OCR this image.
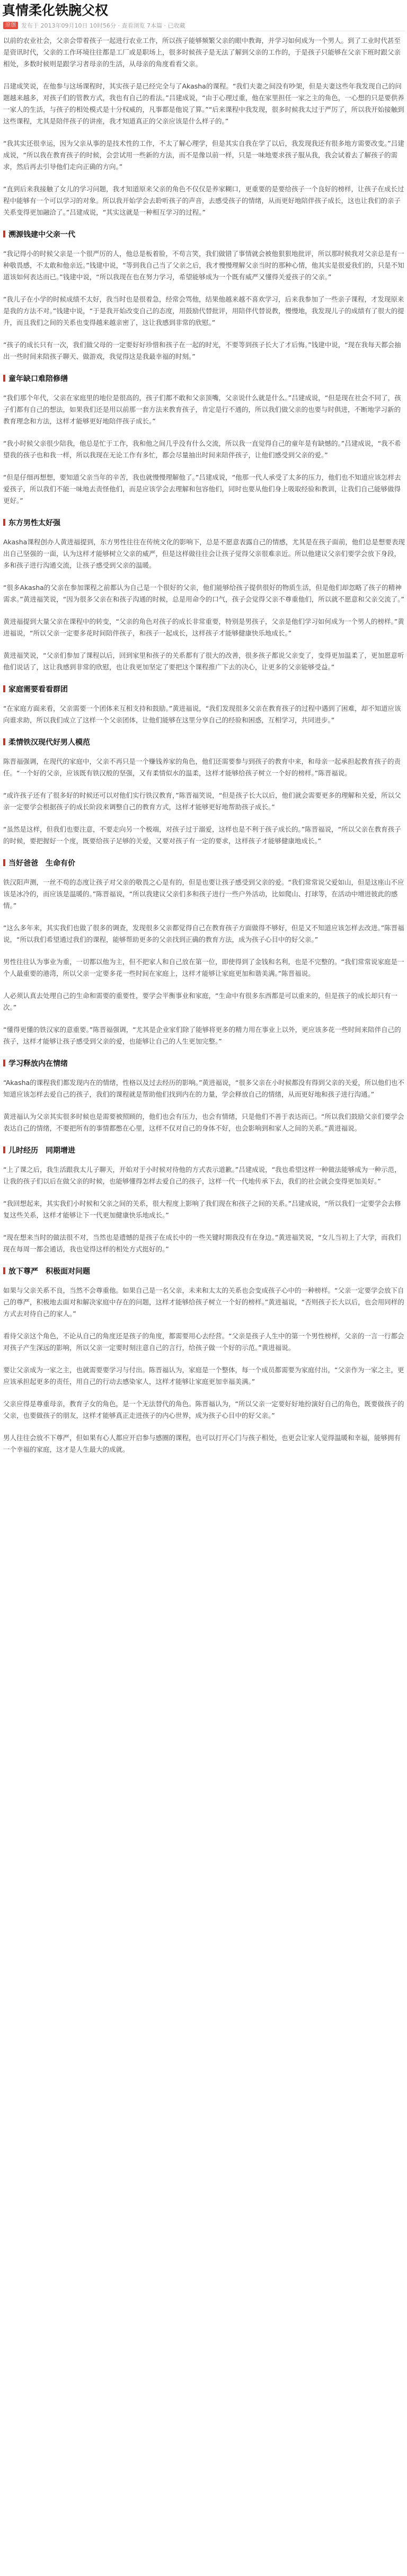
真情柔化铁腕父权
原创 发布于 2013年09月10日 10时56分 · 查看浏览 7本篇 · 已收藏

以前的农业社会，父亲会带着孩子一起进行农业工作，所以孩子能够频繁父亲的眼中教诲，并学习如何成为一个男人。到了工业时代甚至是资讯时代，父亲的工作环境往往都是工厂或是职场上，很多时候孩子是无法了解到父亲的工作的，于是孩子只能够在父亲下班时跟父亲相处，多数时候则是跟学习者母亲的生活，从母亲的角度看看父亲。

吕建成笑说，在他参与这场课程时，其实孩子是已经完全与了Akasha的课程。“我们夫妻之间没有吵架，但是夫妻这些年我发现自己的问题越来越多，对孩子们的管教方式，我也有自己的看法。”吕建成说，“由于心理过重，他在家里担任一家之主的角色，一心想的只是要供养一家人的生活，与孩子的相处模式是十分权威的，凡事都是他说了算。”“后来课程中我发现，很多时候我太过于严厉了，所以我开始接触到这些课程，尤其是陪伴孩子的讲座，我才知道真正的父亲应该是什么样子的。”

“我其实还很幸运，因为父亲从事的是技术性的工作，不太了解心理学，但是其实自我在学了以后，我发现我还有很多地方需要改变。”吕建成说，“所以我在教育孩子的时候，会尝试用一些新的方法，而不是像以前一样，只是一味地要求孩子服从我，我会试着去了解孩子的需求，然后再去引导他们走向正确的方向。”

“直到后来我接触了女儿的学习问题，我才知道原来父亲的角色不仅仅是养家糊口，更重要的是要给孩子一个良好的榜样，让孩子在成长过程中能够有一个可以学习的对象。所以我开始学会去聆听孩子的声音，去感受孩子的情绪，从而更好地陪伴孩子成长，这也让我们的亲子关系变得更加融洽了。”吕建成说，“其实这就是一种相互学习的过程。”

溯源钱建中父亲一代

“我记得小的时候父亲是一个很严厉的人，他总是板着脸，不苟言笑，我们做错了事情就会被他狠狠地批评，所以那时候我对父亲总是有一种敬畏感，不太敢和他亲近。”钱建中说，“等到我自己当了父亲之后，我才慢慢理解父亲当时的那种心情，他其实是很爱我们的，只是不知道该如何表达而已。”钱建中说，“所以我现在也在努力学习，希望能够成为一个既有威严又懂得关爱孩子的父亲。”

“我儿子在小学的时候成绩不太好，我当时也是很着急，经常会骂他，结果他越来越不喜欢学习，后来我参加了一些亲子课程，才发现原来是我的方法不对。”钱建中说，“于是我开始改变自己的态度，用鼓励代替批评，用陪伴代替说教，慢慢地，我发现儿子的成绩有了很大的提升，而且我们之间的关系也变得越来越亲密了，这让我感到非常的欣慰。”

“孩子的成长只有一次，我们做父母的一定要好好珍惜和孩子在一起的时光，不要等到孩子长大了才后悔。”钱建中说，“现在我每天都会抽出一些时间来陪孩子聊天、做游戏，我觉得这是我最幸福的时刻。”

童年缺口难陪修缮

“我们那个年代，父亲在家庭里的地位是很高的，孩子们都不敢和父亲顶嘴，父亲说什么就是什么。”吕建成说，“但是现在社会不同了，孩子们都有自己的想法，如果我们还是用以前那一套方法来教育孩子，肯定是行不通的，所以我们做父亲的也要与时俱进，不断地学习新的教育理念和方法，这样才能够更好地陪伴孩子成长。”

“我小时候父亲很少陪我，他总是忙于工作，我和他之间几乎没有什么交流，所以我一直觉得自己的童年是有缺憾的。”吕建成说，“我不希望我的孩子也和我一样，所以我现在无论工作有多忙，都会尽量抽出时间来陪伴孩子，让他们感受到父亲的爱。”

“但是仔细再想想，要知道父亲当年的辛苦，我也就慢慢理解他了。”吕建成说，“他那一代人承受了太多的压力，他们也不知道应该怎样去爱孩子，所以我们不能一味地去责怪他们，而是应该学会去理解和包容他们，同时也要从他们身上吸取经验和教训，让我们自己能够做得更好。”

东方男性太好强

Akasha课程创办人黄进福提到，东方男性往往在传统文化的影响下，总是不愿意表露自己的情感，尤其是在孩子面前，他们总是想要表现出自己坚强的一面，认为这样才能够树立父亲的威严，但是这样做往往会让孩子觉得父亲很难亲近。所以他建议父亲们要学会放下身段，多和孩子进行沟通交流，让孩子感受到父亲的温暖。

“很多Akasha的父亲在参加课程之前都认为自己是一个很好的父亲，他们能够给孩子提供很好的物质生活，但是他们却忽略了孩子的精神需求。”黄进福笑说，“因为很多父亲在和孩子沟通的时候，总是用命令的口气，孩子会觉得父亲不尊重他们，所以就不愿意和父亲交流了。”

黄进福提到大量父亲在课程中的转变，“父亲的角色对孩子的成长非常重要，特别是男孩子，父亲是他们学习如何成为一个男人的榜样。”黄进福说，“所以父亲一定要多花时间陪伴孩子，和孩子一起成长，这样孩子才能够健康快乐地成长。”

黄进福笑说，“父亲们参加了课程以后，回到家里和孩子的关系都有了很大的改善，很多孩子都说父亲变了，变得更加温柔了，更加愿意听他们说话了，这让我感到非常的欣慰，也让我更加坚定了要把这个课程推广下去的决心，让更多的父亲能够受益。”

家庭需要看看群团

“在家庭方面来看，父亲需要一个团体来互相支持和鼓励。”黄进福说，“我们发现很多父亲在教育孩子的过程中遇到了困难，却不知道应该向谁求助，所以我们成立了这样一个父亲团体，让他们能够在这里分享自己的经验和困惑，互相学习，共同进步。”

柔情铁汉现代好男人模范

陈晋福强调，在现代的家庭中，父亲不再只是一个赚钱养家的角色，他们还需要参与到孩子的教育中来，和母亲一起承担起教育孩子的责任。“一个好的父亲，应该既有铁汉般的坚强，又有柔情似水的温柔，这样才能够给孩子树立一个好的榜样。”陈晋福说。

“或许孩子还有了很多好的时候还可以对他们实行铁汉教育，”陈晋福笑说，“但是孩子长大以后，他们就会需要更多的理解和关爱，所以父亲一定要学会根据孩子的成长阶段来调整自己的教育方式，这样才能够更好地帮助孩子成长。”

“虽然是这样，但我们也要注意，不要走向另一个极端，对孩子过于溺爱，这样也是不利于孩子成长的。”陈晋福说，“所以父亲在教育孩子的时候，要把握好一个度，既要给孩子足够的关爱，又要对孩子有一定的要求，这样孩子才能够健康地成长。”

当好爸爸　生命有价

铁汉阳声测，一丝不苟的态度让孩子对父亲的敬畏之心是有的，但是也要让孩子感受到父亲的爱。“我们常常说父爱如山，但是这座山不应该是冰冷的，而应该是温暖的。”陈晋福说，“所以我建议父亲们多和孩子进行一些户外活动，比如爬山、打球等，在活动中增进彼此的感情。”

“这么多年来，其实我们也做了很多的调查，发现很多父亲都觉得自己在教育孩子方面做得不够好，但是又不知道应该怎样去改进。”陈晋福说，“所以我们希望通过我们的课程，能够帮助更多的父亲找到正确的教育方法，成为孩子心目中的好父亲。”

男性往往认为事业为重，一切都以他为主，但不把家人和自己放在第一位，即使得到了金钱和名利，也是不完整的。“我们常常说家庭是一个人最重要的港湾，所以父亲一定要多花一些时间在家庭上，这样才能够让家庭更加和谐美满。”陈晋福说。

人必须认真去处理自己的生命和需要的重要性，要学会平衡事业和家庭，“生命中有很多东西都是可以重来的，但是孩子的成长却只有一次。”

“懂得更懂的铁汉家的意重要。”陈晋福强调，“尤其是企业家们除了能够将更多的精力用在事业上以外，更应该多花一些时间来陪伴自己的孩子，这样才能够让孩子感受到父亲的爱，也能够让自己的人生更加完整。”

学习释放内在情绪

“Akasha的课程我们都发现内在的情绪，性格以及过去经历的影响。”黄进福说，“很多父亲在小时候都没有得到父亲的关爱，所以他们也不知道应该怎样去爱自己的孩子，我们的课程就是帮助他们找到内在的力量，学会释放自己的情绪，从而更好地和孩子进行沟通。”

黄进福认为父亲其实很多时候也是需要被照顾的，他们也会有压力，也会有情绪，只是他们不善于表达而已。“所以我们鼓励父亲们要学会表达自己的情绪，不要把所有的事情都憋在心里，这样不仅对自己的身体不好，也会影响到和家人之间的关系。”黄进福说。

儿时经历　同期增进

“上了课之后，我生活跟我太儿子聊天，开始对于小时候对待他的方式表示道歉。”吕建成说，“我也希望这样一种做法能够成为一种示范，让我的孩子们以后在做父亲的时候，也能够懂得怎样去爱自己的孩子，这样一代一代地传承下去，我们的社会就会变得更加美好。”

“我回想起来，其实我们小时候和父亲之间的关系，很大程度上影响了我们现在和孩子之间的关系。”吕建成说，“所以我们一定要学会去修复这些关系，这样才能够让下一代更加健康快乐地成长。”

“现在想来当时的做法很不对，当然也是遗憾的是孩子在成长中的一些关键时期我没有在身边。”黄进福笑说，“女儿当初上了大学，而我们现在每周一都会通话，我也觉得这样的相处方式挺好的。”

放下尊严　积极面对问题

如果与父亲关系不良，当然不会尊重他。如果自己是一名父亲，未来和太太的关系也会变成孩子心中的一种榜样。“父亲一定要学会放下自己的尊严，积极地去面对和解决家庭中存在的问题，这样才能够给孩子树立一个好的榜样。”黄进福说，“否则孩子长大以后，也会用同样的方式去对待自己的家人。”

看待父亲这个角色，不论从自己的角度还是孩子的角度，都需要用心去经营。“父亲是孩子人生中的第一个男性榜样，父亲的一言一行都会对孩子产生深远的影响，所以父亲一定要时刻注意自己的言行，给孩子做一个好的示范。”黄进福说。

要让父亲成为一家之主，也就需要要学习与付出。陈晋福认为，家庭是一个整体，每一个成员都需要为家庭付出，“父亲作为一家之主，更应该承担起更多的责任，用自己的行动去感染家人，这样才能够让家庭更加幸福美满。”

父亲应得是尊重母亲，教育子女的角色，是一个无法替代的角色。陈晋福认为，“所以父亲一定要好好地扮演好自己的角色，既要做孩子的父亲，也要做孩子的朋友，这样才能够真正走进孩子的内心世界，成为孩子心目中的好父亲。”

男人往往会放不下尊严，但如果有心人都应开启参与感圈的课程，也可以打开心门与孩子相处，也更会让家人觉得温暖和幸福，能够拥有一个幸福的家庭，这才是人生最大的成就。
